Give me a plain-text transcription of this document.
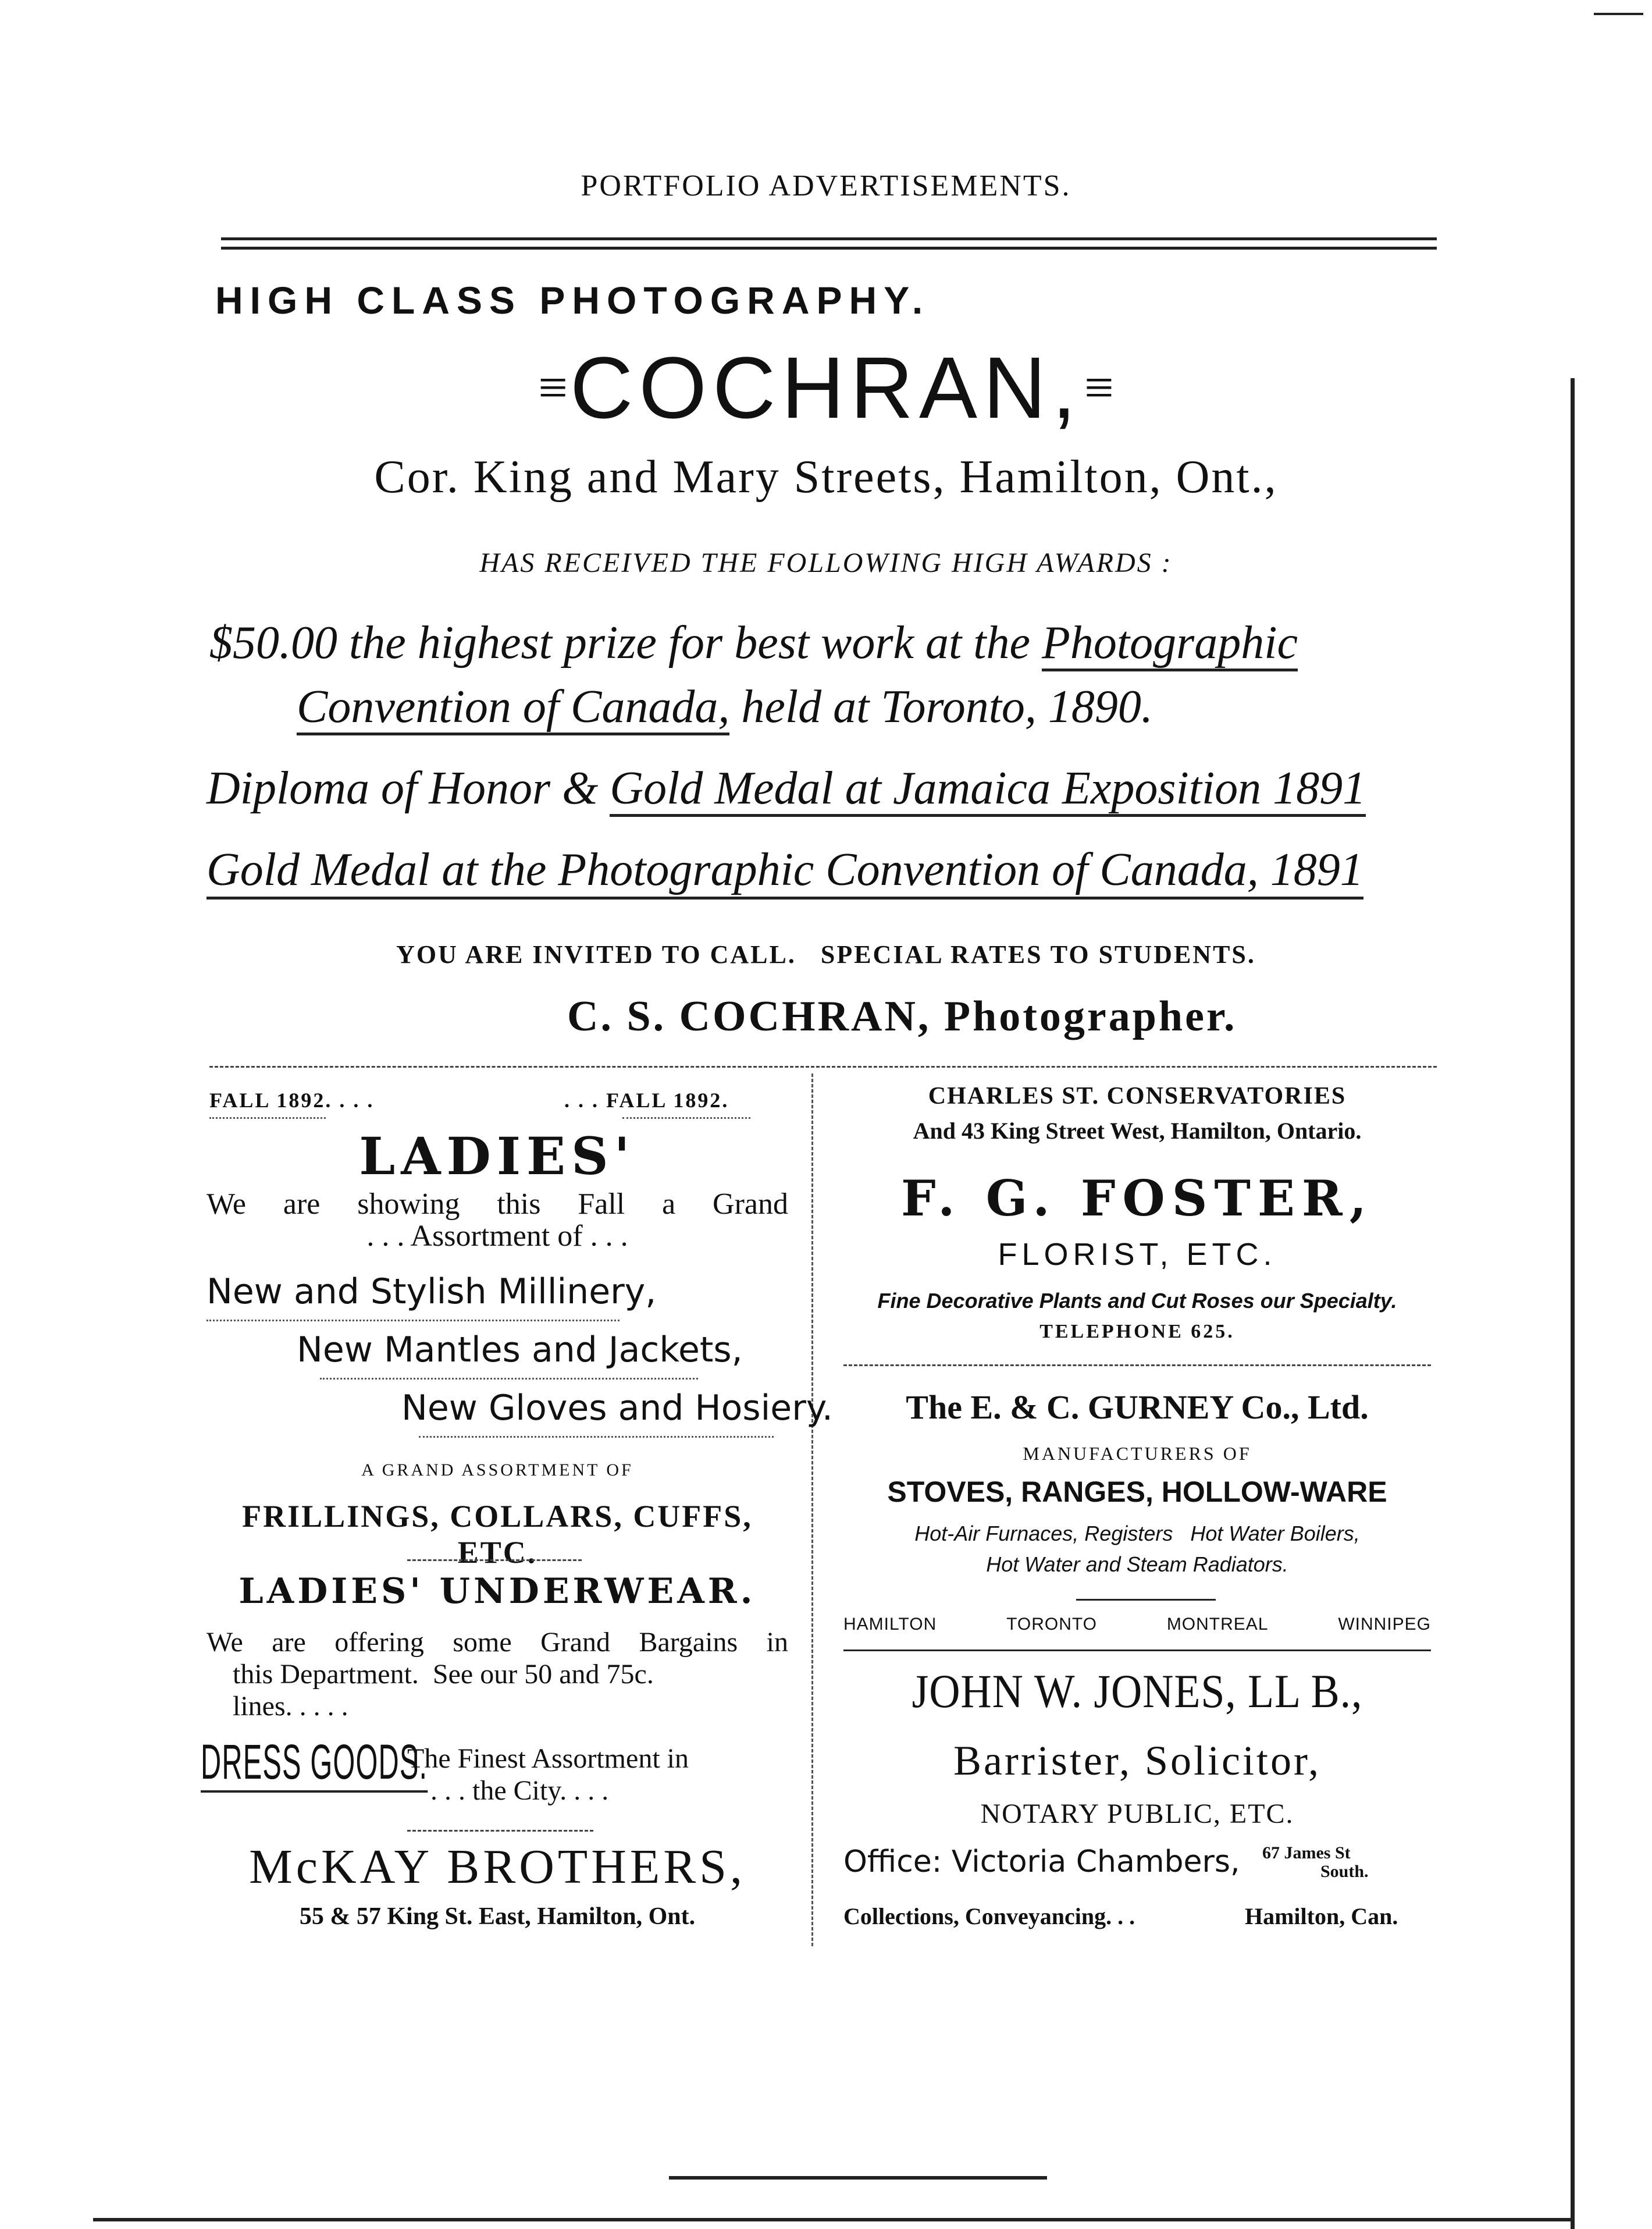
PORTFOLIO ADVERTISEMENTS.
HIGH CLASS PHOTOGRAPHY.
≡ COCHRAN, ≡
Cor. King and Mary Streets, Hamilton, Ont.,
HAS RECEIVED THE FOLLOWING HIGH AWARDS :
$50.00 the highest prize for best work at the Photographic
Convention of Canada, held at Toronto, 1890.
Diploma of Honor & Gold Medal at Jamaica Exposition 1891
Gold Medal at the Photographic Convention of Canada, 1891
YOU ARE INVITED TO CALL.   SPECIAL RATES TO STUDENTS.
C. S. COCHRAN, Photographer.
FALL 1892. . . .	. . . FALL 1892.
LADIES'
We are showing this Fall a Grand
. . . Assortment of . . .
New and Stylish Millinery,
New Mantles and Jackets,
New Gloves and Hosiery.
A GRAND ASSORTMENT OF
FRILLINGS, COLLARS, CUFFS, ETC.
LADIES' UNDERWEAR.
We are offering some Grand Bargains in
this Department.  See our 50 and 75c.
lines. . . . .
DRESS GOODS.
The Finest Assortment in
. . . the City. . . .
McKAY BROTHERS,
55 & 57 King St. East, Hamilton, Ont.
CHARLES ST. CONSERVATORIES
And 43 King Street West, Hamilton, Ontario.
F. G. FOSTER,
FLORIST, ETC.
Fine Decorative Plants and Cut Roses our Specialty.
TELEPHONE 625.
The E. & C. GURNEY Co., Ltd.
MANUFACTURERS OF
STOVES, RANGES, HOLLOW-WARE
Hot-Air Furnaces, Registers   Hot Water Boilers,
Hot Water and Steam Radiators.
HAMILTON	TORONTO	MONTREAL	WINNIPEG
JOHN W. JONES, LL B.,
Barrister, Solicitor,
NOTARY PUBLIC, ETC.
Office: Victoria Chambers, 67 James St
South.
Collections, Conveyancing. . .	Hamilton, Can.
